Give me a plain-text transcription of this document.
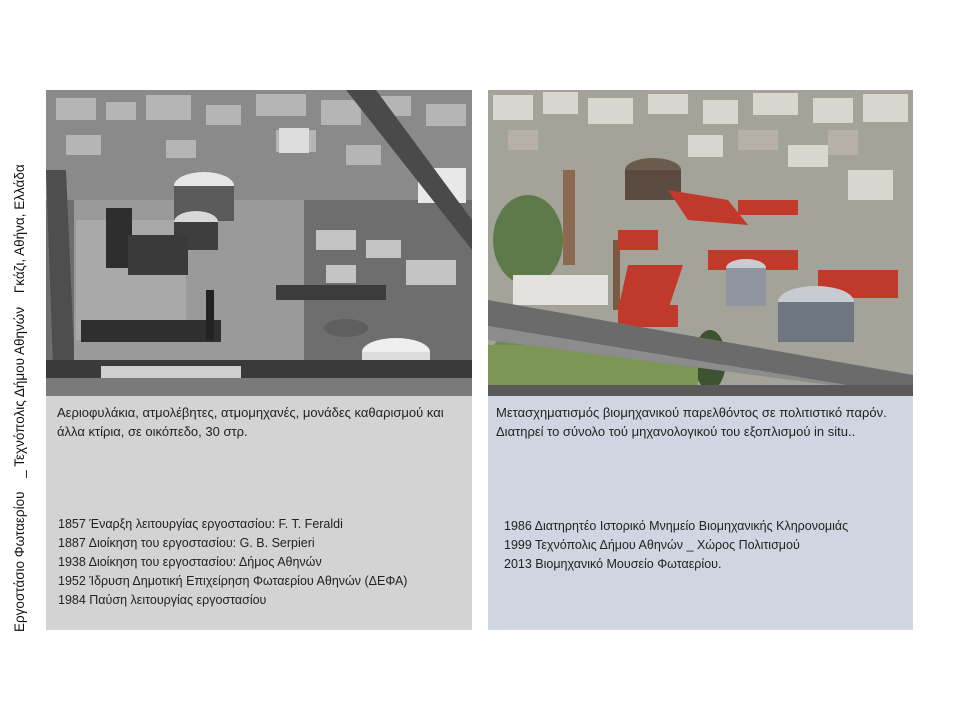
Εργοστάσιο Φωταερίου _ Τεχνόπολις Δήμου Αθηνών Γκάζι, Αθήνα, Ελλάδα
Αεριοφυλάκια, ατμολέβητες, ατμομηχανές, μονάδες καθαρισμού και άλλα κτίρια, σε οικόπεδο, 30 στρ.
1857 Έναρξη λειτουργίας εργοστασίου: F. T. Feraldi
1887 Διοίκηση του εργοστασίου: G. B. Serpieri
1938 Διοίκηση του εργοστασίου: Δήμος Αθηνών
1952 Ίδρυση Δημοτική Επιχείρηση Φωταερίου Αθηνών (ΔΕΦΑ)
1984 Παύση λειτουργίας εργοστασίου
Μετασχηματισμός βιομηχανικού παρελθόντος σε πολιτιστικό παρόν. Διατηρεί το σύνολο τού μηχανολογικού του εξοπλισμού in situ..
1986 Διατηρητέο Ιστορικό Μνημείο Βιομηχανικής Κληρονομιάς
1999 Τεχνόπολις Δήμου Αθηνών _ Χώρος Πολιτισμού
2013 Βιομηχανικό Μουσείο Φωταερίου.
